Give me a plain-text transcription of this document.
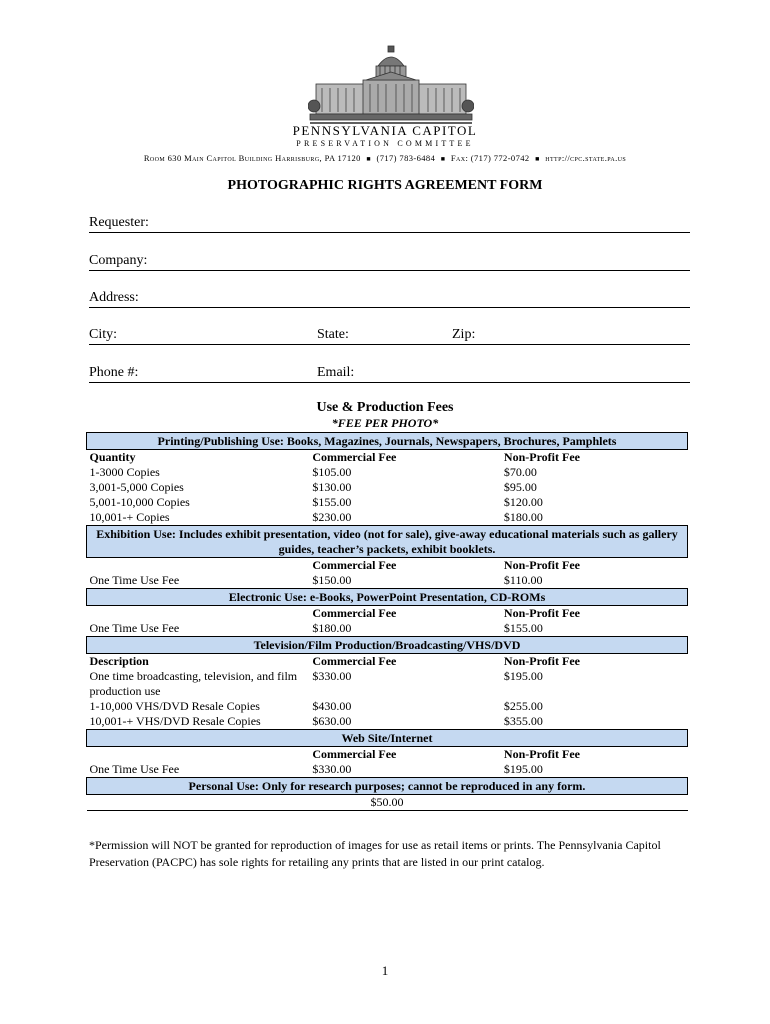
PENNSYLVANIA CAPITOL
PRESERVATION COMMITTEE
Room 630 Main Capitol Building Harrisburg, PA 17120 ■ (717) 783-6484 ■ Fax: (717) 772-0742 ■ http://cpc.state.pa.us
PHOTOGRAPHIC RIGHTS AGREEMENT FORM
Requester:
Company:
Address:
City:	State:	Zip:
Phone #:	Email:
Use & Production Fees
*FEE PER PHOTO*
Printing/Publishing Use: Books, Magazines, Journals, Newspapers, Brochures, Pamphlets		
Quantity	Commercial Fee	Non-Profit Fee
1-3000 Copies	$105.00	$70.00
3,001-5,000 Copies	$130.00	$95.00
5,001-10,000 Copies	$155.00	$120.00
10,001-+ Copies	$230.00	$180.00
Exhibition Use: Includes exhibit presentation, video (not for sale), give-away educational materials such as gallery guides, teacher’s packets, exhibit booklets.		
	Commercial Fee	Non-Profit Fee
One Time Use Fee	$150.00	$110.00
Electronic Use: e-Books, PowerPoint Presentation, CD-ROMs		
	Commercial Fee	Non-Profit Fee
One Time Use Fee	$180.00	$155.00
Television/Film Production/Broadcasting/VHS/DVD		
Description	Commercial Fee	Non-Profit Fee
One time broadcasting, television, and film production use	$330.00	$195.00
1-10,000 VHS/DVD Resale Copies	$430.00	$255.00
10,001-+ VHS/DVD Resale Copies	$630.00	$355.00
Web Site/Internet		
	Commercial Fee	Non-Profit Fee
One Time Use Fee	$330.00	$195.00
Personal Use: Only for research purposes; cannot be reproduced in any form.		
$50.00		
*Permission will NOT be granted for reproduction of images for use as retail items or prints. The Pennsylvania Capitol Preservation (PACPC) has sole rights for retailing any prints that are listed in our print catalog.
1
